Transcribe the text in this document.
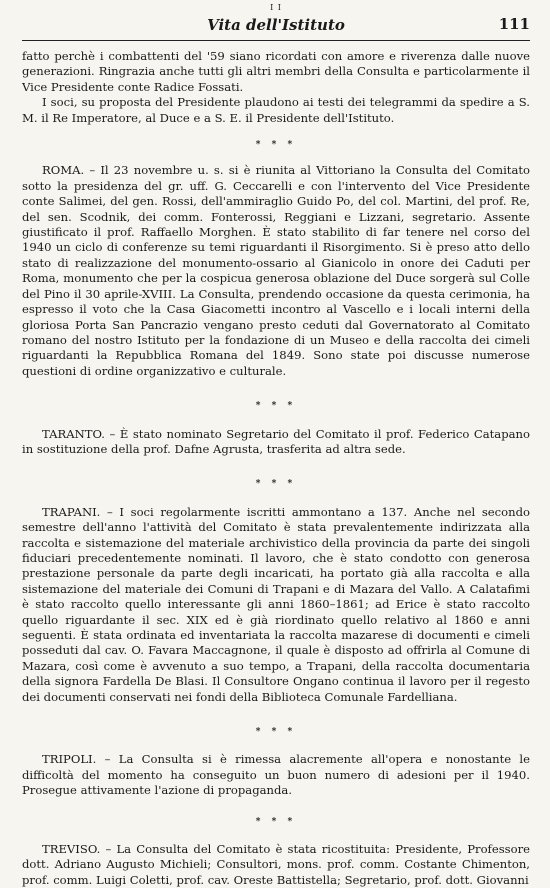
I I
Vita dell'Istituto	111

fatto perchè i combattenti del '59 siano ricordati con amore e riverenza dalle nuove generazioni. Ringrazia anche tutti gli altri membri della Consulta e particolarmente il Vice Presidente conte Radice Fossati.

I soci, su proposta del Presidente plaudono ai testi dei telegrammi da spedire a S. M. il Re Imperatore, al Duce e a S. E. il Presidente dell'Istituto.

* * *

ROMA. – Il 23 novembre u. s. si è riunita al Vittoriano la Consulta del Comitato sotto la presidenza del gr. uff. G. Ceccarelli e con l'intervento del Vice Presidente conte Salimei, del gen. Rossi, dell'ammiraglio Guido Po, del col. Martini, del prof. Re, del sen. Scodnik, dei comm. Fonterossi, Reggiani e Lizzani, segretario. Assente giustificato il prof. Raffaello Morghen. È stato stabilito di far tenere nel corso del 1940 un ciclo di conferenze su temi riguardanti il Risorgimento. Si è preso atto dello stato di realizzazione del monumento-ossario al Gianicolo in onore dei Caduti per Roma, monumento che per la cospicua generosa oblazione del Duce sorgerà sul Colle del Pino il 30 aprile-XVIII. La Consulta, prendendo occasione da questa cerimonia, ha espresso il voto che la Casa Giacometti incontro al Vascello e i locali interni della gloriosa Porta San Pancrazio vengano presto ceduti dal Governatorato al Comitato romano del nostro Istituto per la fondazione di un Museo e della raccolta dei cimeli riguardanti la Repubblica Romana del 1849. Sono state poi discusse numerose questioni di ordine organizzativo e culturale.

* * *

TARANTO. – È stato nominato Segretario del Comitato il prof. Federico Catapano in sostituzione della prof. Dafne Agrusta, trasferita ad altra sede.

* * *

TRAPANI. – I soci regolarmente iscritti ammontano a 137. Anche nel secondo semestre dell'anno l'attività del Comitato è stata prevalentemente indirizzata alla raccolta e sistemazione del materiale archivistico della provincia da parte dei singoli fiduciari precedentemente nominati. Il lavoro, che è stato condotto con generosa prestazione personale da parte degli incaricati, ha portato già alla raccolta e alla sistemazione del materiale dei Comuni di Trapani e di Mazara del Vallo. A Calatafimi è stato raccolto quello interessante gli anni 1860–1861; ad Erice è stato raccolto quello riguardante il sec. XIX ed è già riordinato quello relativo al 1860 e anni seguenti. È stata ordinata ed inventariata la raccolta mazarese di documenti e cimeli posseduti dal cav. O. Favara Maccagnone, il quale è disposto ad offrirla al Comune di Mazara, così come è avvenuto a suo tempo, a Trapani, della raccolta documentaria della signora Fardella De Blasi. Il Consultore Ongano continua il lavoro per il regesto dei documenti conservati nei fondi della Biblioteca Comunale Fardelliana.

* * *

TRIPOLI. – La Consulta si è rimessa alacremente all'opera e nonostante le difficoltà del momento ha conseguito un buon numero di adesioni per il 1940. Prosegue attivamente l'azione di propaganda.

* * *

TREVISO. – La Consulta del Comitato è stata ricostituita: Presidente, Professore dott. Adriano Augusto Michieli; Consultori, mons. prof. comm. Costante Chimenton, prof. comm. Luigi Coletti, prof. cav. Oreste Battistella; Segretario, prof. dott. Giovanni
